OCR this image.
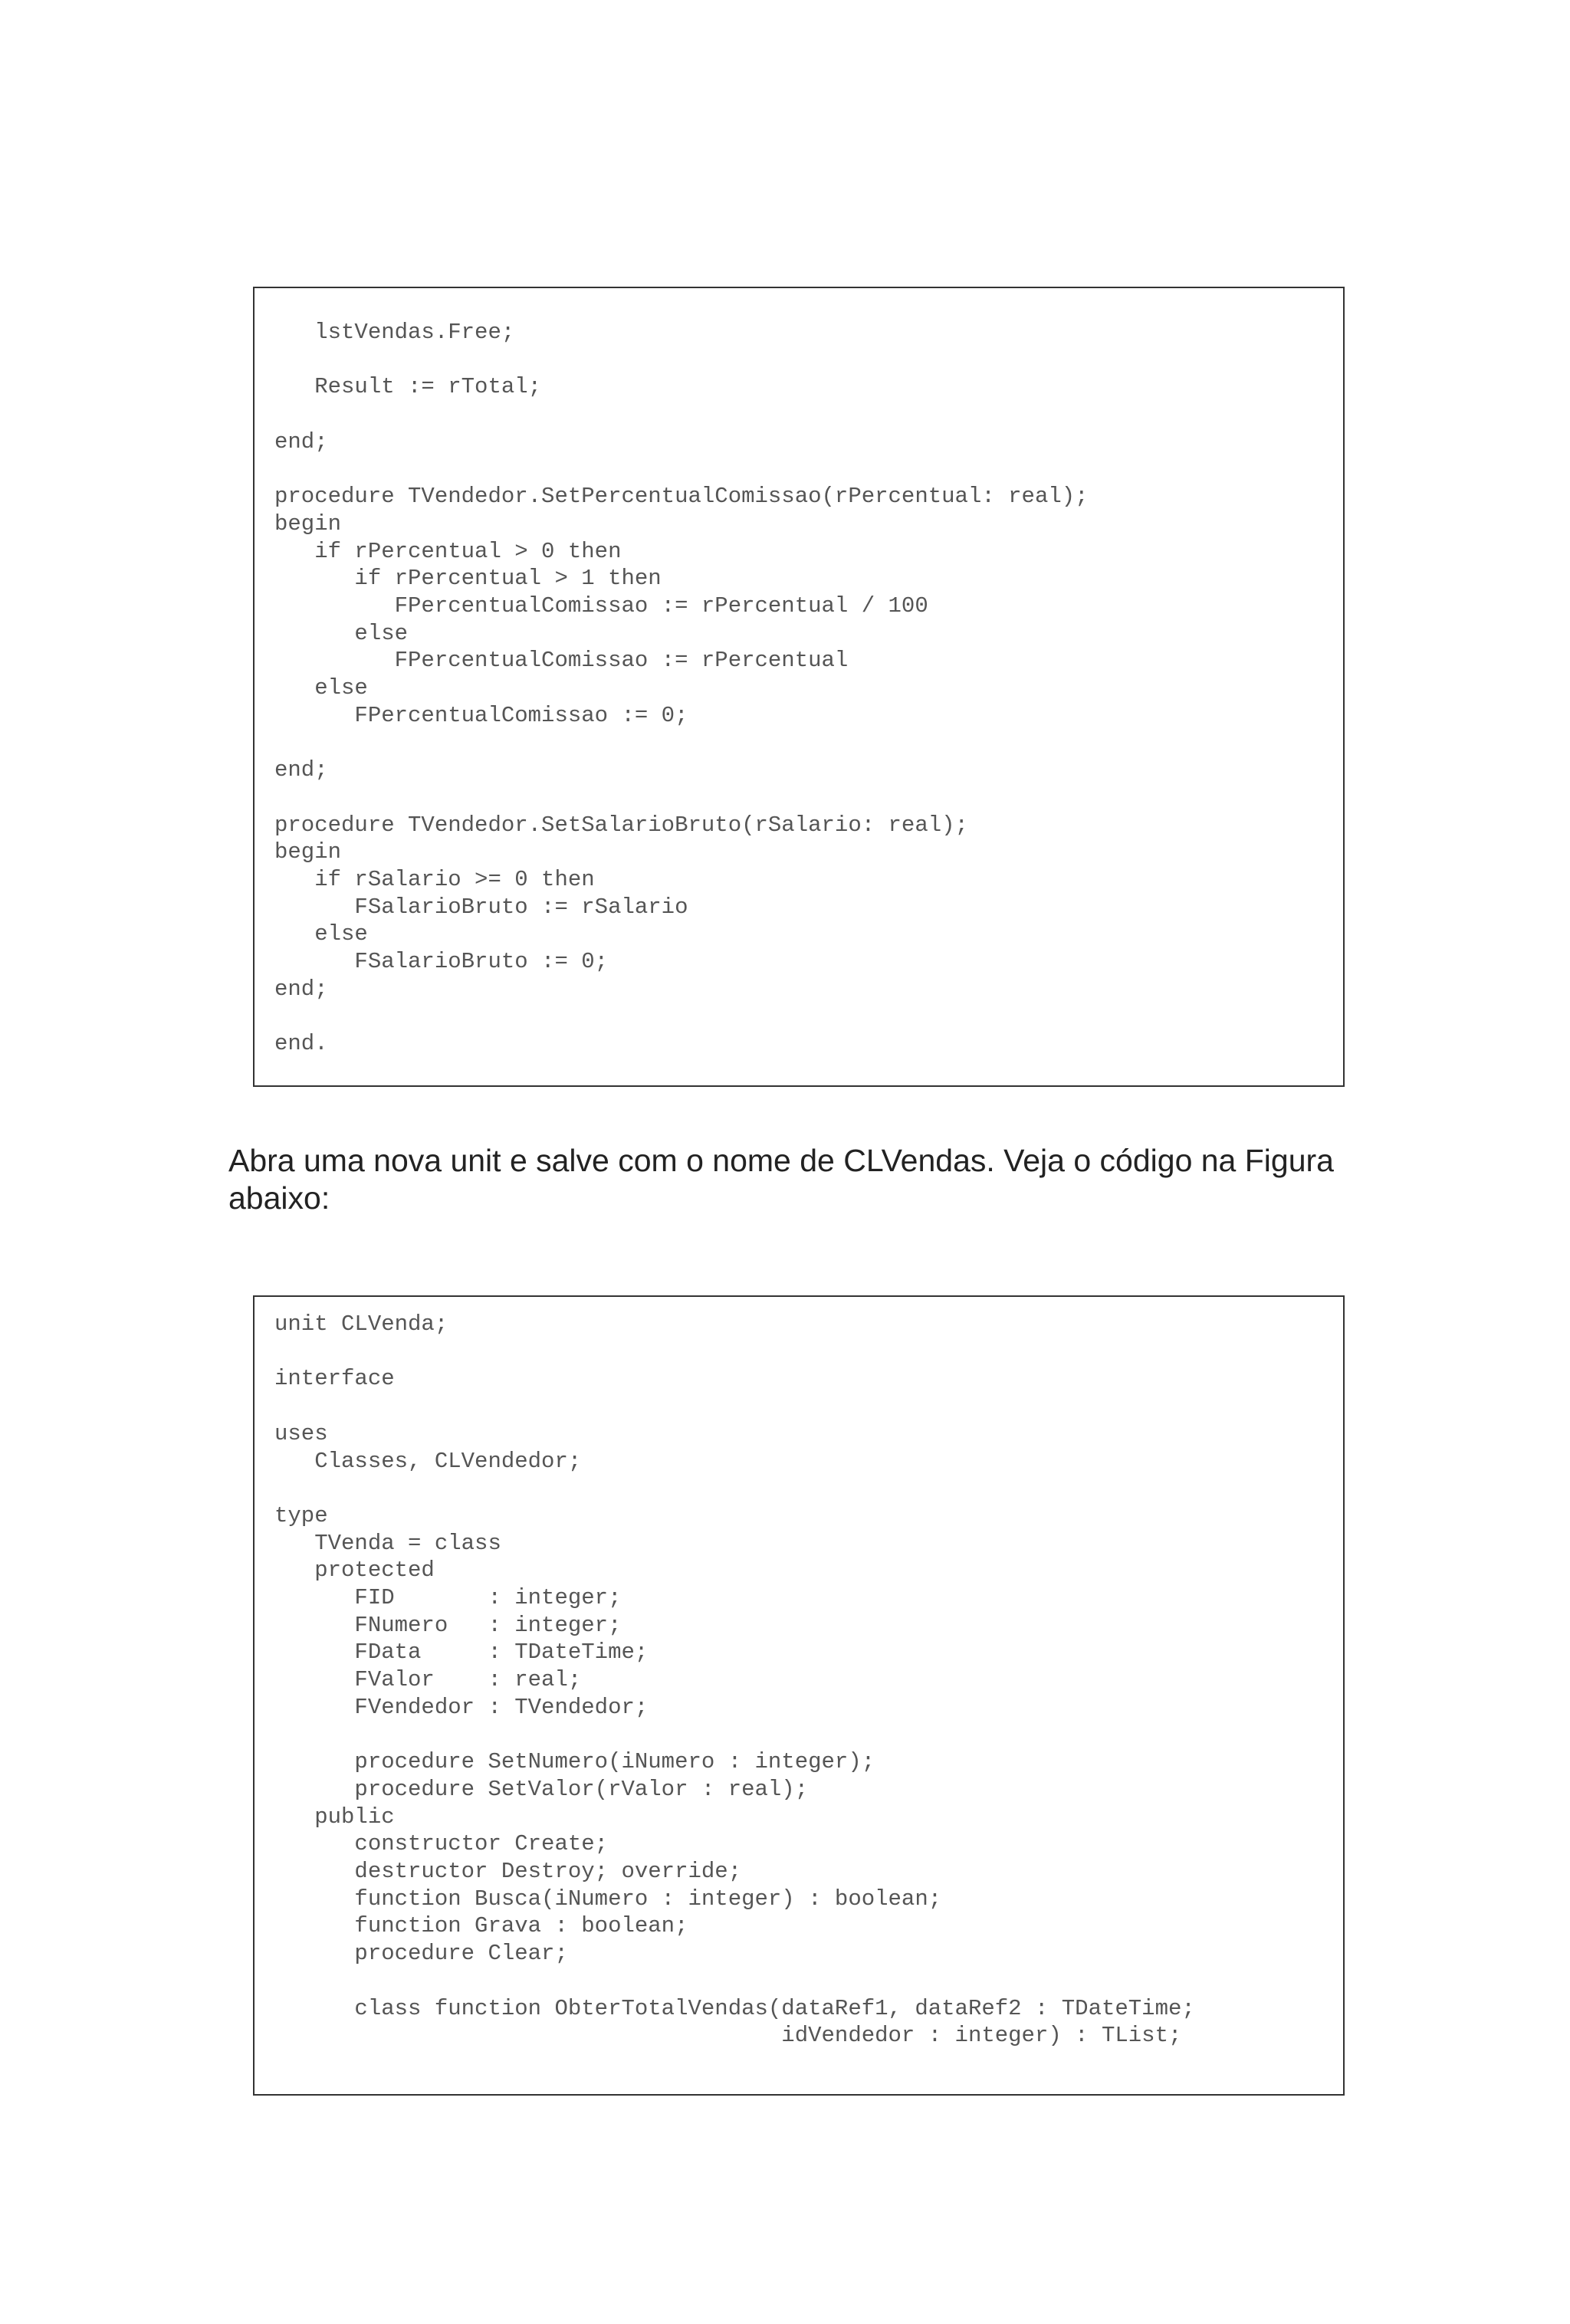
lstVendas.Free;

Result := rTotal;

end;

procedure TVendedor.SetPercentualComissao(rPercentual: real);
begin
if rPercentual > 0 then
if rPercentual > 1 then
FPercentualComissao := rPercentual / 100
else
FPercentualComissao := rPercentual
else
FPercentualComissao := 0;

end;

procedure TVendedor.SetSalarioBruto(rSalario: real);
begin
if rSalario >= 0 then
FSalarioBruto := rSalario
else
FSalarioBruto := 0;
end;

end.

Abra uma nova unit e salve com o nome de CLVendas. Veja o código na Figura abaixo:

unit CLVenda;

interface

uses
Classes, CLVendedor;

type
TVenda = class
protected
FID       : integer;
FNumero   : integer;
FData     : TDateTime;
FValor    : real;
FVendedor : TVendedor;

procedure SetNumero(iNumero : integer);
procedure SetValor(rValor : real);
public
constructor Create;
destructor Destroy; override;
function Busca(iNumero : integer) : boolean;
function Grava : boolean;
procedure Clear;

class function ObterTotalVendas(dataRef1, dataRef2 : TDateTime;
idVendedor : integer) : TList;
